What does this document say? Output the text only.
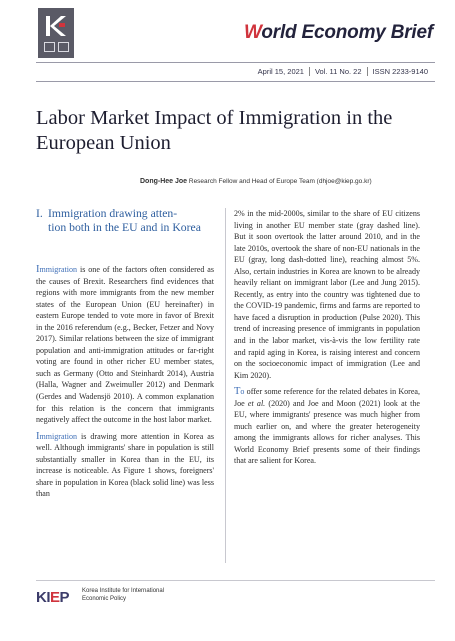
World Economy Brief
April 15, 2021	Vol. 11 No. 22	ISSN 2233-9140
Labor Market Impact of Immigration in the European Union
Dong-Hee Joe Research Fellow and Head of Europe Team (dhjoe@kiep.go.kr)
I. Immigration drawing atten-
tion both in the EU and in Korea

Immigration is one of the factors often considered as the causes of Brexit. Researchers find evidences that regions with more immigrants from the new member states of the European Union (EU hereinafter) in eastern Europe tended to vote more in favor of Brexit in the 2016 referendum (e.g., Becker, Fetzer and Novy 2017). Similar relations between the size of immigrant population and anti-immigration attitudes or far-right voting are found in other richer EU member states, such as Germany (Otto and Steinhardt 2014), Austria (Halla, Wagner and Zweimuller 2012) and Denmark (Gerdes and Wadensjö 2010). A common explanation for this relation is the concern that immigrants negatively affect the outcome in the host labor market.

Immigration is drawing more attention in Korea as well. Although immigrants' share in population is still substantially smaller in Korea than in the EU, its increase is noticeable. As Figure 1 shows, foreigners' share in population in Korea (black solid line) was less than

2% in the mid-2000s, similar to the share of EU citizens living in another EU member state (gray dashed line). But it soon overtook the latter around 2010, and in the late 2010s, overtook the share of non-EU nationals in the EU (gray, long dash-dotted line), reaching almost 5%. Also, certain industries in Korea are known to be already heavily reliant on immigrant labor (Lee and Jung 2015). Recently, as entry into the country was tightened due to the COVID-19 pandemic, firms and farms are reported to have faced a disruption in production (Pulse 2020). This trend of increasing presence of immigrants in population and in the labor market, vis-à-vis the low fertility rate and rapid aging in Korea, is raising interest and concern on the socioeconomic impact of immigration (Lee and Kim 2020).

To offer some reference for the related debates in Korea, Joe et al. (2020) and Joe and Moon (2021) look at the EU, where immigrants' presence was much higher from much earlier on, and where the greater heterogeneity among the immigrants allows for richer analyses. This World Economy Brief presents some of their findings that are salient for Korea.

KIEP Korea Institute for International
Economic Policy
